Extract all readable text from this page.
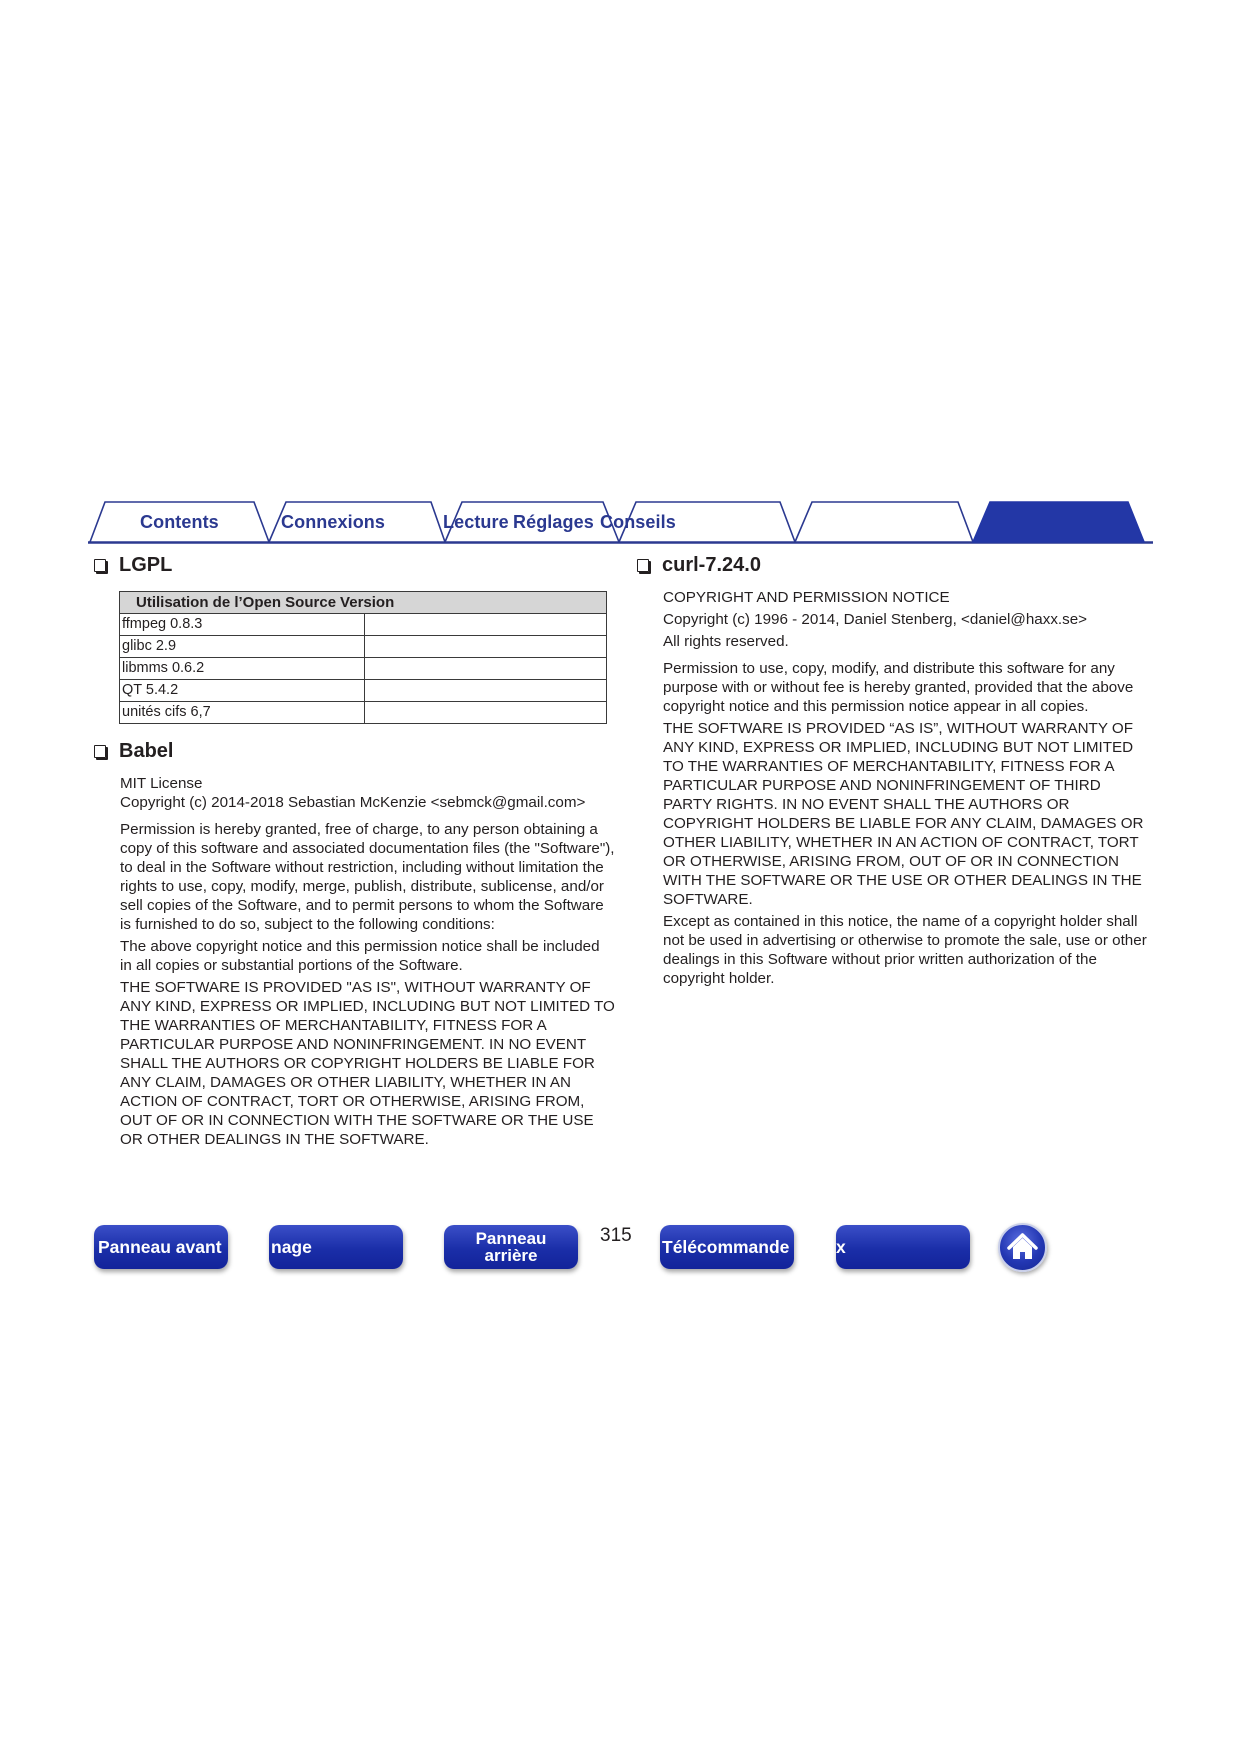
Contents	Connexions	Lecture Réglages Conseils
LGPL
Utilisation de l’Open Source Version	
ffmpeg 0.8.3	
glibc 2.9	
libmms 0.6.2	
QT 5.4.2	
unités cifs 6,7	
Babel

MIT License

Copyright (c) 2014-2018 Sebastian McKenzie <sebmck@gmail.com>

Permission is hereby granted, free of charge, to any person obtaining a copy of this software and associated documentation files (the "Software"), to deal in the Software without restriction, including without limitation the rights to use, copy, modify, merge, publish, distribute, sublicense, and/or sell copies of the Software, and to permit persons to whom the Software is furnished to do so, subject to the following conditions:

The above copyright notice and this permission notice shall be included in all copies or substantial portions of the Software.

THE SOFTWARE IS PROVIDED "AS IS", WITHOUT WARRANTY OF ANY KIND, EXPRESS OR IMPLIED, INCLUDING BUT NOT LIMITED TO THE WARRANTIES OF MERCHANTABILITY, FITNESS FOR A PARTICULAR PURPOSE AND NONINFRINGEMENT. IN NO EVENT SHALL THE AUTHORS OR COPYRIGHT HOLDERS BE LIABLE FOR ANY CLAIM, DAMAGES OR OTHER LIABILITY, WHETHER IN AN ACTION OF CONTRACT, TORT OR OTHERWISE, ARISING FROM, OUT OF OR IN CONNECTION WITH THE SOFTWARE OR THE USE OR OTHER DEALINGS IN THE SOFTWARE.

curl-7.24.0

COPYRIGHT AND PERMISSION NOTICE

Copyright (c) 1996 - 2014, Daniel Stenberg, <daniel@haxx.se>

All rights reserved.

Permission to use, copy, modify, and distribute this software for any purpose with or without fee is hereby granted, provided that the above copyright notice and this permission notice appear in all copies.

THE SOFTWARE IS PROVIDED “AS IS”, WITHOUT WARRANTY OF ANY KIND, EXPRESS OR IMPLIED, INCLUDING BUT NOT LIMITED TO THE WARRANTIES OF MERCHANTABILITY, FITNESS FOR A PARTICULAR PURPOSE AND NONINFRINGEMENT OF THIRD PARTY RIGHTS. IN NO EVENT SHALL THE AUTHORS OR COPYRIGHT HOLDERS BE LIABLE FOR ANY CLAIM, DAMAGES OR OTHER LIABILITY, WHETHER IN AN ACTION OF CONTRACT, TORT OR OTHERWISE, ARISING FROM, OUT OF OR IN CONNECTION WITH THE SOFTWARE OR THE USE OR OTHER DEALINGS IN THE SOFTWARE.

Except as contained in this notice, the name of a copyright holder shall not be used in advertising or otherwise to promote the sale, use or other dealings in this Software without prior written authorization of the copyright holder.

Panneau avant	nage	Panneau
arrière
315
Télécommande	x
